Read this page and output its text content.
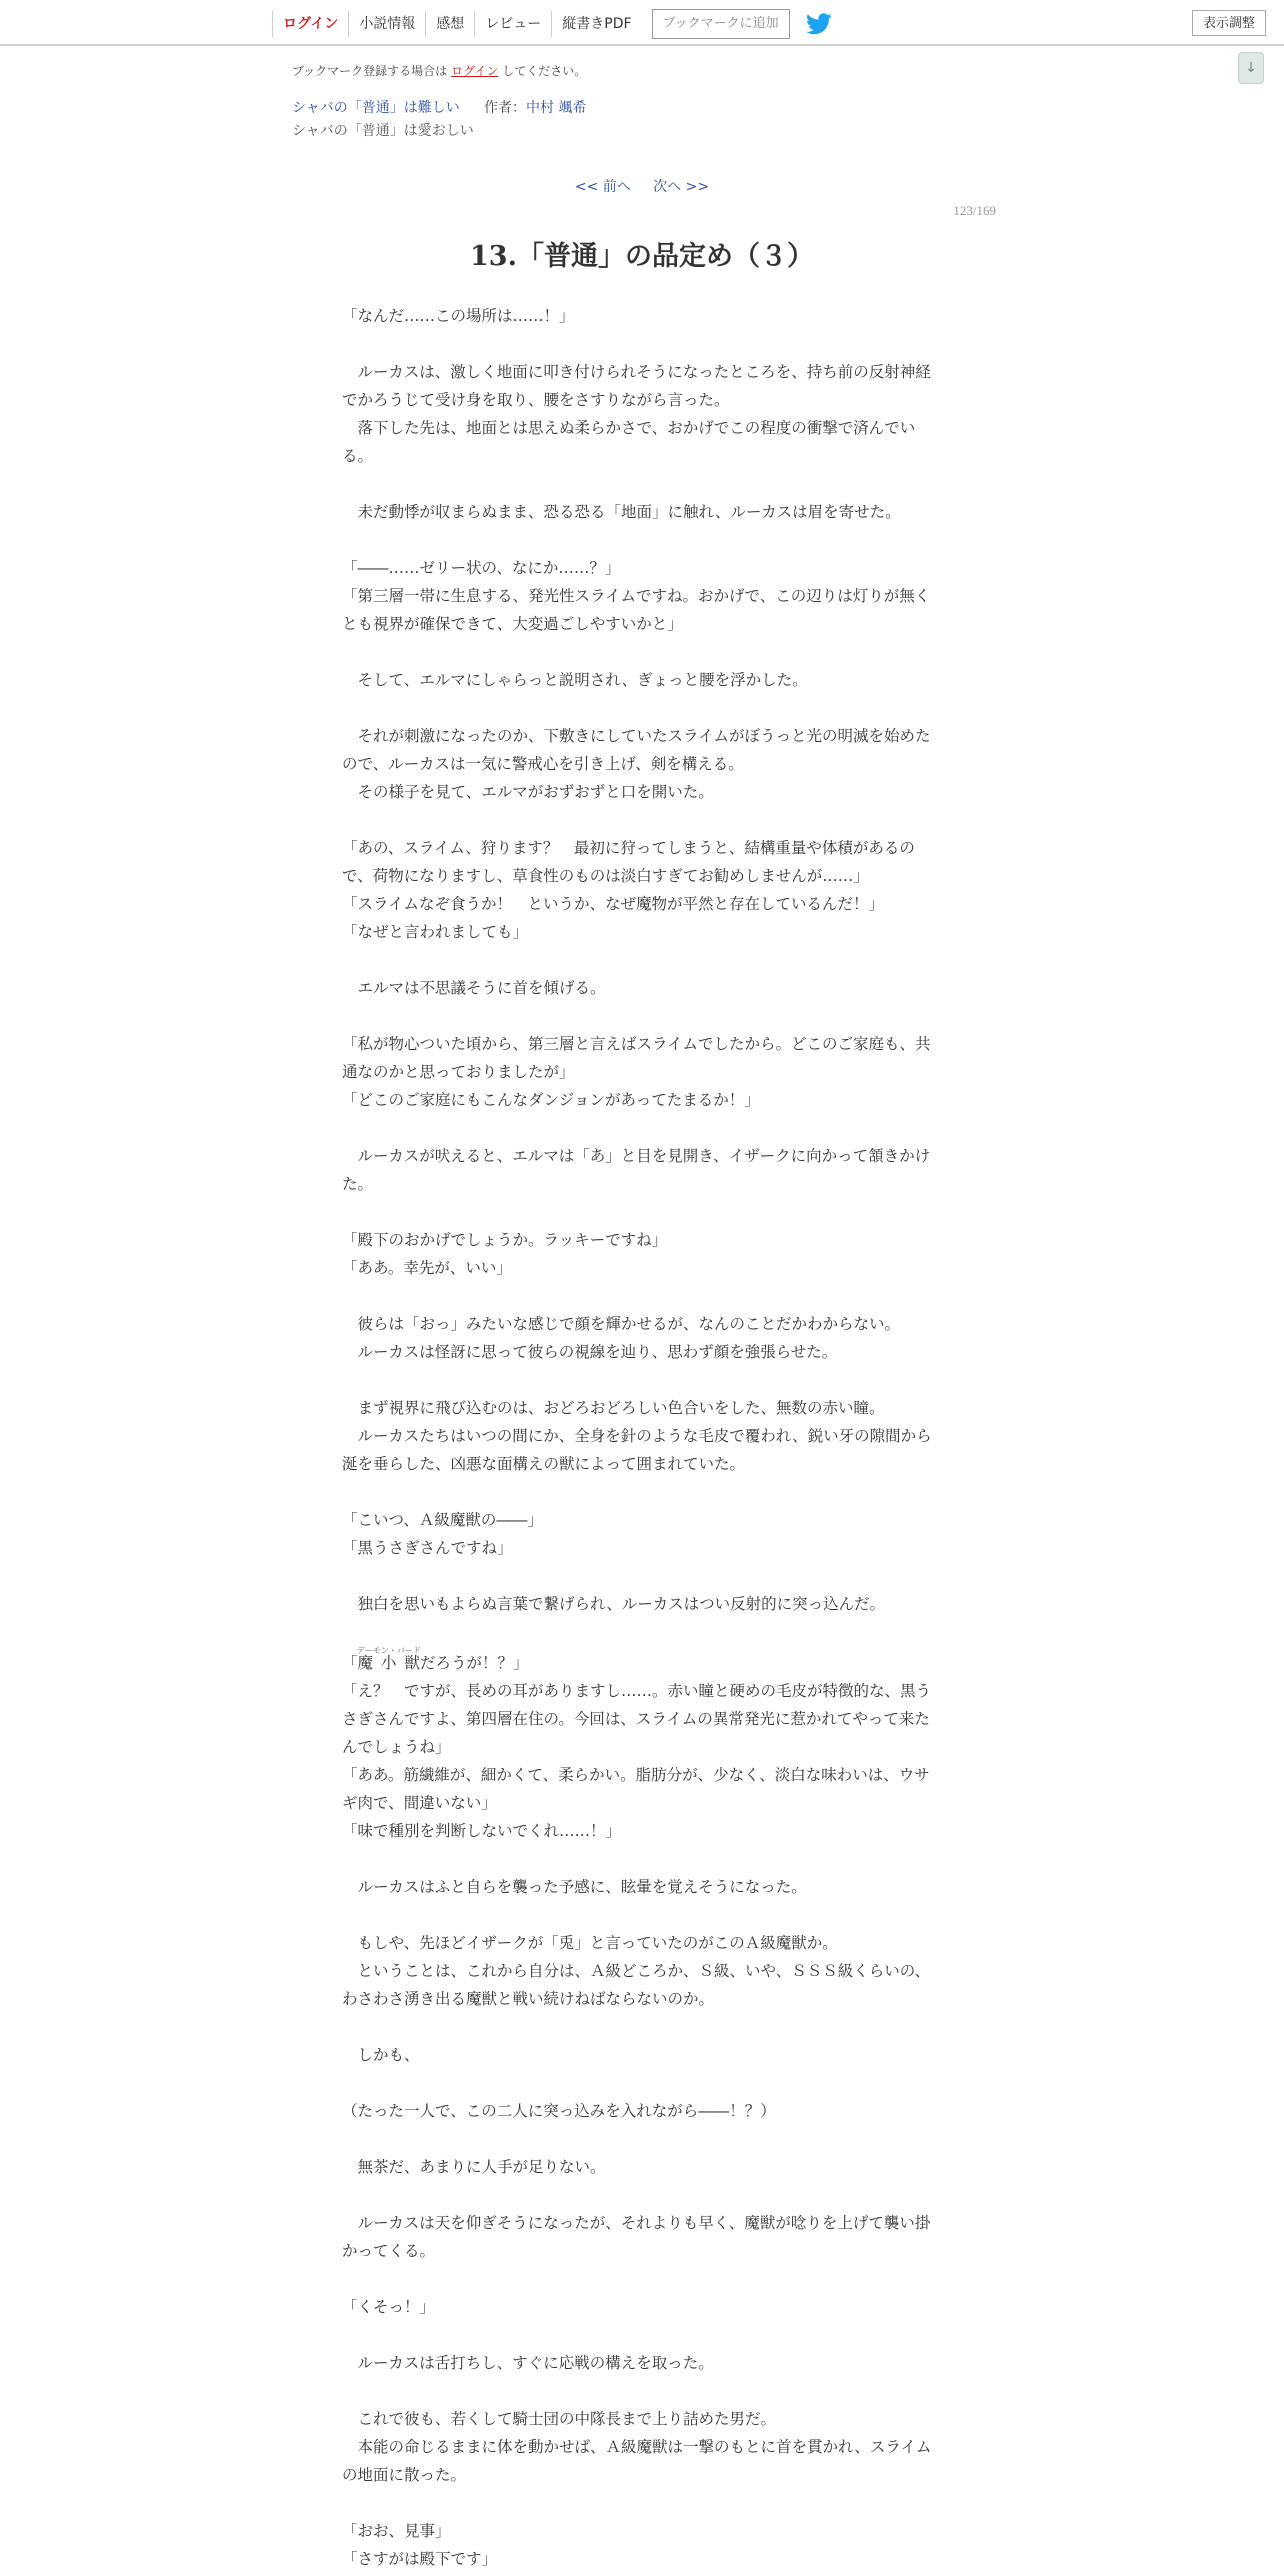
ログイン	小説情報	感想	レビュー	縦書きPDF	ブックマークに追加	表示調整
↓
ブックマーク登録する場合は ログイン してください。
シャバの「普通」は難しい 作者：中村 颯希
シャバの「普通」は愛おしい
<< 前へ 次へ >>
123/169
13.「普通」の品定め（３）

「なんだ……この場所は……！」

　ルーカスは、激しく地面に叩き付けられそうになったところを、持ち前の反射神経でかろうじて受け身を取り、腰をさすりながら言った。

　落下した先は、地面とは思えぬ柔らかさで、おかげでこの程度の衝撃で済んでいる。

　未だ動悸が収まらぬまま、恐る恐る「地面」に触れ、ルーカスは眉を寄せた。

「――……ゼリー状の、なにか……？」

「第三層一帯に生息する、発光性スライムですね。おかげで、この辺りは灯りが無くとも視界が確保できて、大変過ごしやすいかと」

　そして、エルマにしゃらっと説明され、ぎょっと腰を浮かした。

　それが刺激になったのか、下敷きにしていたスライムがぼうっと光の明滅を始めたので、ルーカスは一気に警戒心を引き上げ、剣を構える。

　その様子を見て、エルマがおずおずと口を開いた。

「あの、スライム、狩ります？　最初に狩ってしまうと、結構重量や体積があるので、荷物になりますし、草食性のものは淡白すぎてお勧めしませんが……」

「スライムなぞ食うか！　というか、なぜ魔物が平然と存在しているんだ！」

「なぜと言われましても」

　エルマは不思議そうに首を傾げる。

「私が物心ついた頃から、第三層と言えばスライムでしたから。どこのご家庭も、共通なのかと思っておりましたが」

「どこのご家庭にもこんなダンジョンがあってたまるか！」

　ルーカスが吠えると、エルマは「あ」と目を見開き、イザークに向かって頷きかけた。

「殿下のおかげでしょうか。ラッキーですね」

「ああ。幸先が、いい」

　彼らは「おっ」みたいな感じで顔を輝かせるが、なんのことだかわからない。

　ルーカスは怪訝に思って彼らの視線を辿り、思わず顔を強張らせた。

　まず視界に飛び込むのは、おどろおどろしい色合いをした、無数の赤い瞳。

　ルーカスたちはいつの間にか、全身を針のような毛皮で覆われ、鋭い牙の隙間から涎を垂らした、凶悪な面構えの獣によって囲まれていた。

「こいつ、Ａ級魔獣の――」

「黒うさぎさんですね」

　独白を思いもよらぬ言葉で繋げられ、ルーカスはつい反射的に突っ込んだ。

「魔 小 獣デーモン・バードだろうが！？」

「え？　ですが、長めの耳がありますし……。赤い瞳と硬めの毛皮が特徴的な、黒うさぎさんですよ、第四層在住の。今回は、スライムの異常発光に惹かれてやって来たんでしょうね」

「ああ。筋繊維が、細かくて、柔らかい。脂肪分が、少なく、淡白な味わいは、ウサギ肉で、間違いない」

「味で種別を判断しないでくれ……！」

　ルーカスはふと自らを襲った予感に、眩暈を覚えそうになった。

　もしや、先ほどイザークが「兎」と言っていたのがこのＡ級魔獣か。

　ということは、これから自分は、Ａ級どころか、Ｓ級、いや、ＳＳＳ級くらいの、わさわさ湧き出る魔獣と戦い続けねばならないのか。

　しかも、

（たった一人で、この二人に突っ込みを入れながら――！？）

　無茶だ、あまりに人手が足りない。

　ルーカスは天を仰ぎそうになったが、それよりも早く、魔獣が唸りを上げて襲い掛かってくる。

「くそっ！」

　ルーカスは舌打ちし、すぐに応戦の構えを取った。

　これで彼も、若くして騎士団の中隊長まで上り詰めた男だ。

　本能の命じるままに体を動かせば、Ａ級魔獣は一撃のもとに首を貫かれ、スライムの地面に散った。

「おお、見事」

「さすがは殿下です」
